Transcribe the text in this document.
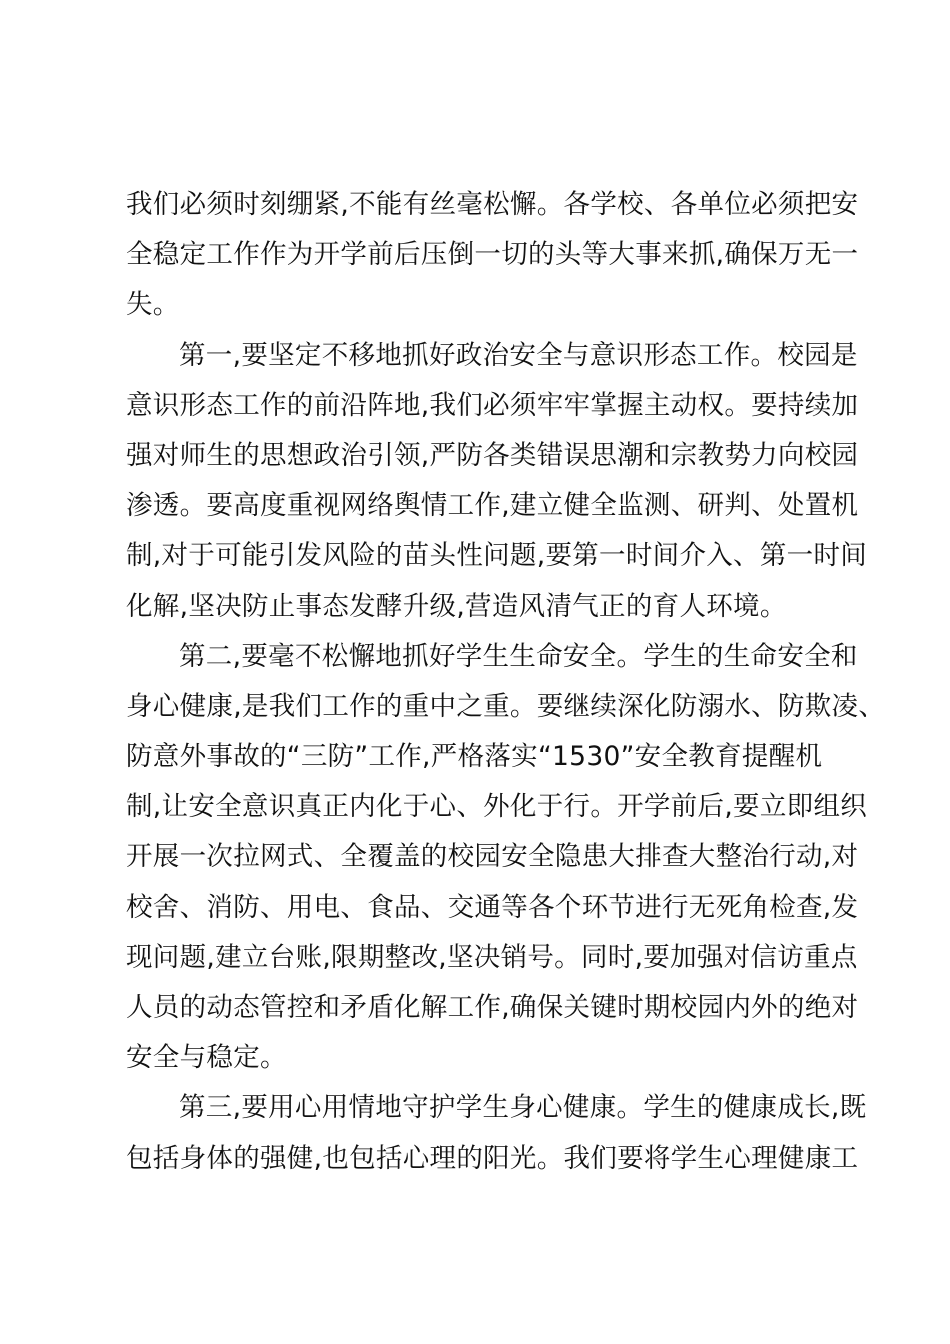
我们必须时刻绷紧,不能有丝毫松懈。各学校、各单位必须把安
全稳定工作作为开学前后压倒一切的头等大事来抓,确保万无一
失。
第一,要坚定不移地抓好政治安全与意识形态工作。校园是
意识形态工作的前沿阵地,我们必须牢牢掌握主动权。要持续加
强对师生的思想政治引领,严防各类错误思潮和宗教势力向校园
渗透。要高度重视网络舆情工作,建立健全监测、研判、处置机
制,对于可能引发风险的苗头性问题,要第一时间介入、第一时间
化解,坚决防止事态发酵升级,营造风清气正的育人环境。
第二,要毫不松懈地抓好学生生命安全。学生的生命安全和
身心健康,是我们工作的重中之重。要继续深化防溺水、防欺凌、
防意外事故的“三防”工作,严格落实“1530”安全教育提醒机
制,让安全意识真正内化于心、外化于行。开学前后,要立即组织
开展一次拉网式、全覆盖的校园安全隐患大排查大整治行动,对
校舍、消防、用电、食品、交通等各个环节进行无死角检查,发
现问题,建立台账,限期整改,坚决销号。同时,要加强对信访重点
人员的动态管控和矛盾化解工作,确保关键时期校园内外的绝对
安全与稳定。
第三,要用心用情地守护学生身心健康。学生的健康成长,既
包括身体的强健,也包括心理的阳光。我们要将学生心理健康工
